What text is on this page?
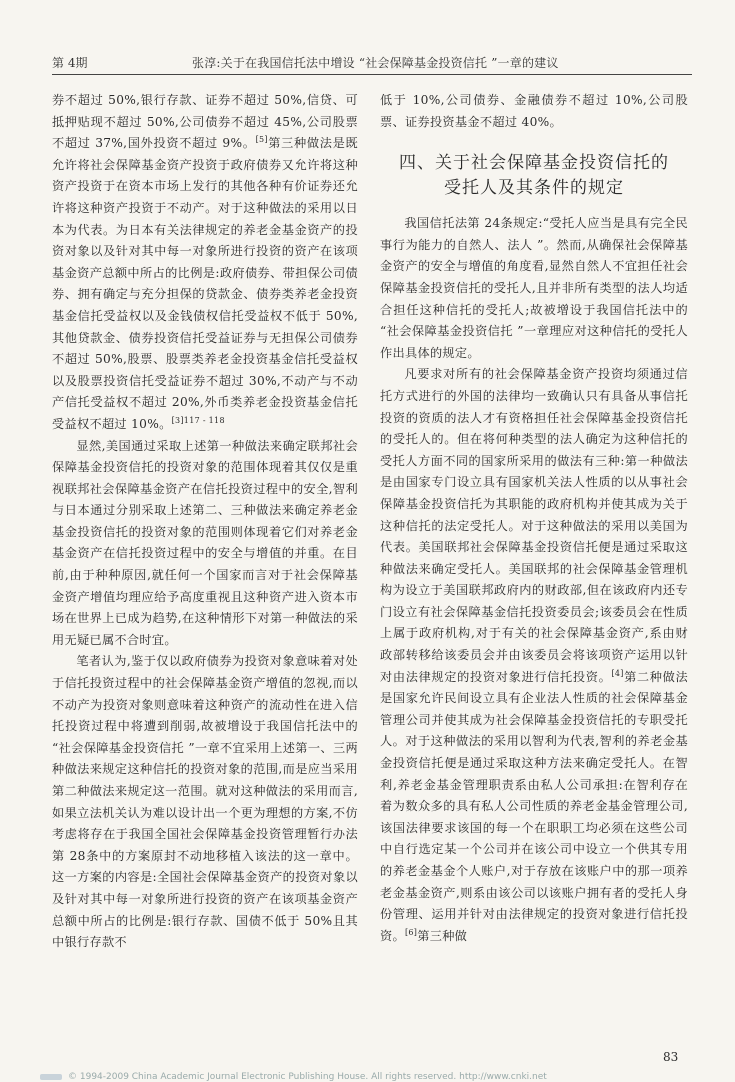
第 4期	张淳:关于在我国信托法中增设 “社会保障基金投资信托 ”一章的建议

券不超过 50%,银行存款、证券不超过 50%,信贷、可抵押贴现不超过 50%,公司债券不超过 45%,公司股票不超过 37%,国外投资不超过 9%。[5]第三种做法是既允许将社会保障基金资产投资于政府债券又允许将这种资产投资于在资本市场上发行的其他各种有价证券还允许将这种资产投资于不动产。对于这种做法的采用以日本为代表。为日本有关法律规定的养老金基金资产的投资对象以及针对其中每一对象所进行投资的资产在该项基金资产总额中所占的比例是:政府债券、带担保公司债券、拥有确定与充分担保的贷款金、债券类养老金投资基金信托受益权以及金钱债权信托受益权不低于 50%,其他贷款金、债券投资信托受益证券与无担保公司债券不超过 50%,股票、股票类养老金投资基金信托受益权以及股票投资信托受益证券不超过 30%,不动产与不动产信托受益权不超过 20%,外币类养老金投资基金信托受益权不超过 10%。$^{[3]117 - 118}$

显然,美国通过采取上述第一种做法来确定联邦社会保障基金投资信托的投资对象的范围体现着其仅仅是重视联邦社会保障基金资产在信托投资过程中的安全,智利与日本通过分别采取上述第二、三种做法来确定养老金基金投资信托的投资对象的范围则体现着它们对养老金基金资产在信托投资过程中的安全与增值的并重。在目前,由于种种原因,就任何一个国家而言对于社会保障基金资产增值均理应给予高度重视且这种资产进入资本市场在世界上已成为趋势,在这种情形下对第一种做法的采用无疑已属不合时宜。

笔者认为,鉴于仅以政府债券为投资对象意味着对处于信托投资过程中的社会保障基金资产增值的忽视,而以不动产为投资对象则意味着这种资产的流动性在进入信托投资过程中将遭到削弱,故被增设于我国信托法中的 “社会保障基金投资信托 ”一章不宜采用上述第一、三两种做法来规定这种信托的投资对象的范围,而是应当采用第二种做法来规定这一范围。就对这种做法的采用而言,如果立法机关认为难以设计出一个更为理想的方案,不仿考虑将存在于我国全国社会保障基金投资管理暂行办法第 28条中的方案原封不动地移植入该法的这一章中。这一方案的内容是:全国社会保障基金资产的投资对象以及针对其中每一对象所进行投资的资产在该项基金资产总额中所占的比例是:银行存款、国债不低于 50%且其中银行存款不

低于 10%,公司债券、金融债券不超过 10%,公司股票、证券投资基金不超过 40%。

四、关于社会保障基金投资信托的
受托人及其条件的规定

我国信托法第 24条规定:“受托人应当是具有完全民事行为能力的自然人、法人 ”。然而,从确保社会保障基金资产的安全与增值的角度看,显然自然人不宜担任社会保障基金投资信托的受托人,且并非所有类型的法人均适合担任这种信托的受托人;故被增设于我国信托法中的 “社会保障基金投资信托 ”一章理应对这种信托的受托人作出具体的规定。

凡要求对所有的社会保障基金资产投资均须通过信托方式进行的外国的法律均一致确认只有具备从事信托投资的资质的法人才有资格担任社会保障基金投资信托的受托人的。但在将何种类型的法人确定为这种信托的受托人方面不同的国家所采用的做法有三种:第一种做法是由国家专门设立具有国家机关法人性质的以从事社会保障基金投资信托为其职能的政府机构并使其成为关于这种信托的法定受托人。对于这种做法的采用以美国为代表。美国联邦社会保障基金投资信托便是通过采取这种做法来确定受托人。美国联邦的社会保障基金管理机构为设立于美国联邦政府内的财政部,但在该政府内还专门设立有社会保障基金信托投资委员会;该委员会在性质上属于政府机构,对于有关的社会保障基金资产,系由财政部转移给该委员会并由该委员会将该项资产运用以针对由法律规定的投资对象进行信托投资。[4]第二种做法是国家允许民间设立具有企业法人性质的社会保障基金管理公司并使其成为社会保障基金投资信托的专职受托人。对于这种做法的采用以智利为代表,智利的养老金基金投资信托便是通过采取这种方法来确定受托人。在智利,养老金基金管理职责系由私人公司承担:在智利存在着为数众多的具有私人公司性质的养老金基金管理公司,该国法律要求该国的每一个在职职工均必须在这些公司中自行选定某一个公司并在该公司中设立一个供其专用的养老金基金个人账户,对于存放在该账户中的那一项养老金基金资产,则系由该公司以该账户拥有者的受托人身份管理、运用并针对由法律规定的投资对象进行信托投资。[6]第三种做

83
© 1994-2009 China Academic Journal Electronic Publishing House. All rights reserved. http://www.cnki.net
